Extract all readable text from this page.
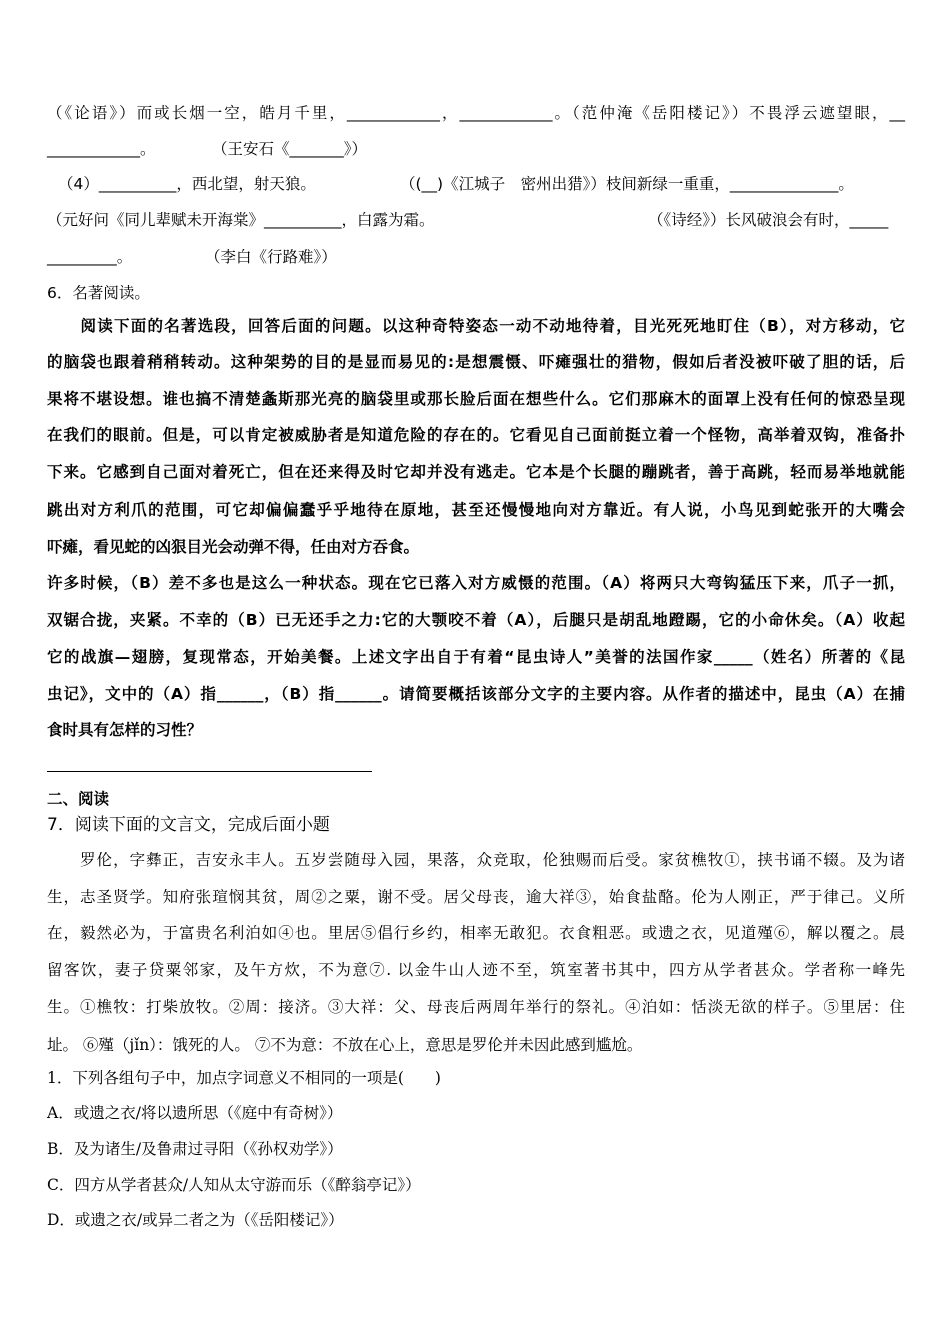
（《论语》）而或长烟一空，皓月千里，____________，____________。（范仲淹《岳阳楼记》）不畏浮云遮望眼，__
____________。	（王安石《_______》）
（4）__________，西北望，射天狼。	（(__)《江城子　密州出猎》）枝间新绿一重重，______________。
（元好问《同儿辈赋未开海棠》__________，白露为霜。	（《诗经》）长风破浪会有时，_____
_________。	（李白《行路难》）
6．名著阅读。
　　阅读下面的名著选段，回答后面的问题。以这种奇特姿态一动不动地待着，目光死死地盯住（B），对方移动，它
的脑袋也跟着稍稍转动。这种架势的目的是显而易见的:是想震慑、吓瘫强壮的猎物，假如后者没被吓破了胆的话，后
果将不堪设想。谁也搞不清楚螽斯那光亮的脑袋里或那长脸后面在想些什么。它们那麻木的面罩上没有任何的惊恐呈现
在我们的眼前。但是，可以肯定被威胁者是知道危险的存在的。它看见自己面前挺立着一个怪物，高举着双钩，准备扑
下来。它感到自己面对着死亡，但在还来得及时它却并没有逃走。它本是个长腿的蹦跳者，善于高跳，轻而易举地就能
跳出对方利爪的范围，可它却偏偏蠢乎乎地待在原地，甚至还慢慢地向对方靠近。有人说，小鸟见到蛇张开的大嘴会
吓瘫，看见蛇的凶狠目光会动弹不得，任由对方吞食。
许多时候，（B）差不多也是这么一种状态。现在它已落入对方威慑的范围。（A）将两只大弯钩猛压下来，爪子一抓，
双锯合拢，夹紧。不幸的（B）已无还手之力:它的大颚咬不着（A），后腿只是胡乱地蹬踢，它的小命休矣。（A）收起
它的战旗—翅膀，复现常态，开始美餐。上述文字出自于有着“昆虫诗人”美誉的法国作家_____（姓名）所著的《昆
虫记》，文中的（A）指______，（B）指______。请简要概括该部分文字的主要内容。从作者的描述中，昆虫（A）在捕
食时具有怎样的习性？
二、阅读
7．阅读下面的文言文，完成后面小题
　　罗伦，字彝正，吉安永丰人。五岁尝随母入园，果落，众竞取，伦独赐而后受。家贫樵牧①，挟书诵不辍。及为诸
生，志圣贤学。知府张瑄悯其贫，周②之粟，谢不受。居父母丧，逾大祥③，始食盐酪。伦为人刚正，严于律己。义所
在，毅然必为，于富贵名利泊如④也。里居⑤倡行乡约，相率无敢犯。衣食粗恶。或遗之衣，见道殣⑥，解以覆之。晨
留客饮，妻子贷粟邻家，及午方炊，不为意⑦. 以金牛山人迹不至，筑室著书其中，四方从学者甚众。学者称一峰先
生。①樵牧：打柴放牧。②周：接济。③大祥：父、母丧后两周年举行的祭礼。④泊如：恬淡无欲的样子。⑤里居：住
址。 ⑥殣（jǐn）：饿死的人。 ⑦不为意：不放在心上，意思是罗伦并未因此感到尴尬。
1．下列各组句子中，加点字词意义不相同的一项是(　　)
A．或遗之衣/将以遗所思（《庭中有奇树》）
B．及为诸生/及鲁肃过寻阳（《孙权劝学》）
C．四方从学者甚众/人知从太守游而乐（《醉翁亭记》）
D．或遗之衣/或异二者之为（《岳阳楼记》）
